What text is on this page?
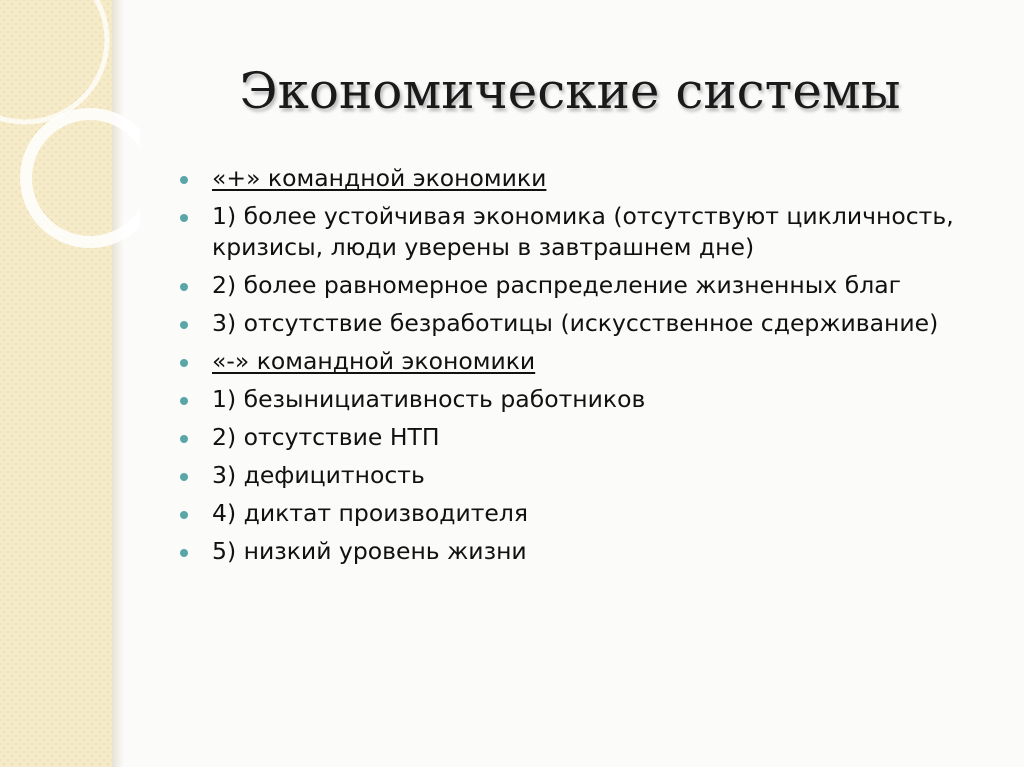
Экономические системы
«+» командной экономики
1) более устойчивая экономика (отсутствуют цикличность, кризисы, люди уверены в завтрашнем дне)
2) более равномерное распределение жизненных благ
3) отсутствие безработицы (искусственное сдерживание)
«-» командной экономики
1) безынициативность работников
2) отсутствие НТП
3) дефицитность
4) диктат производителя
5) низкий уровень жизни
